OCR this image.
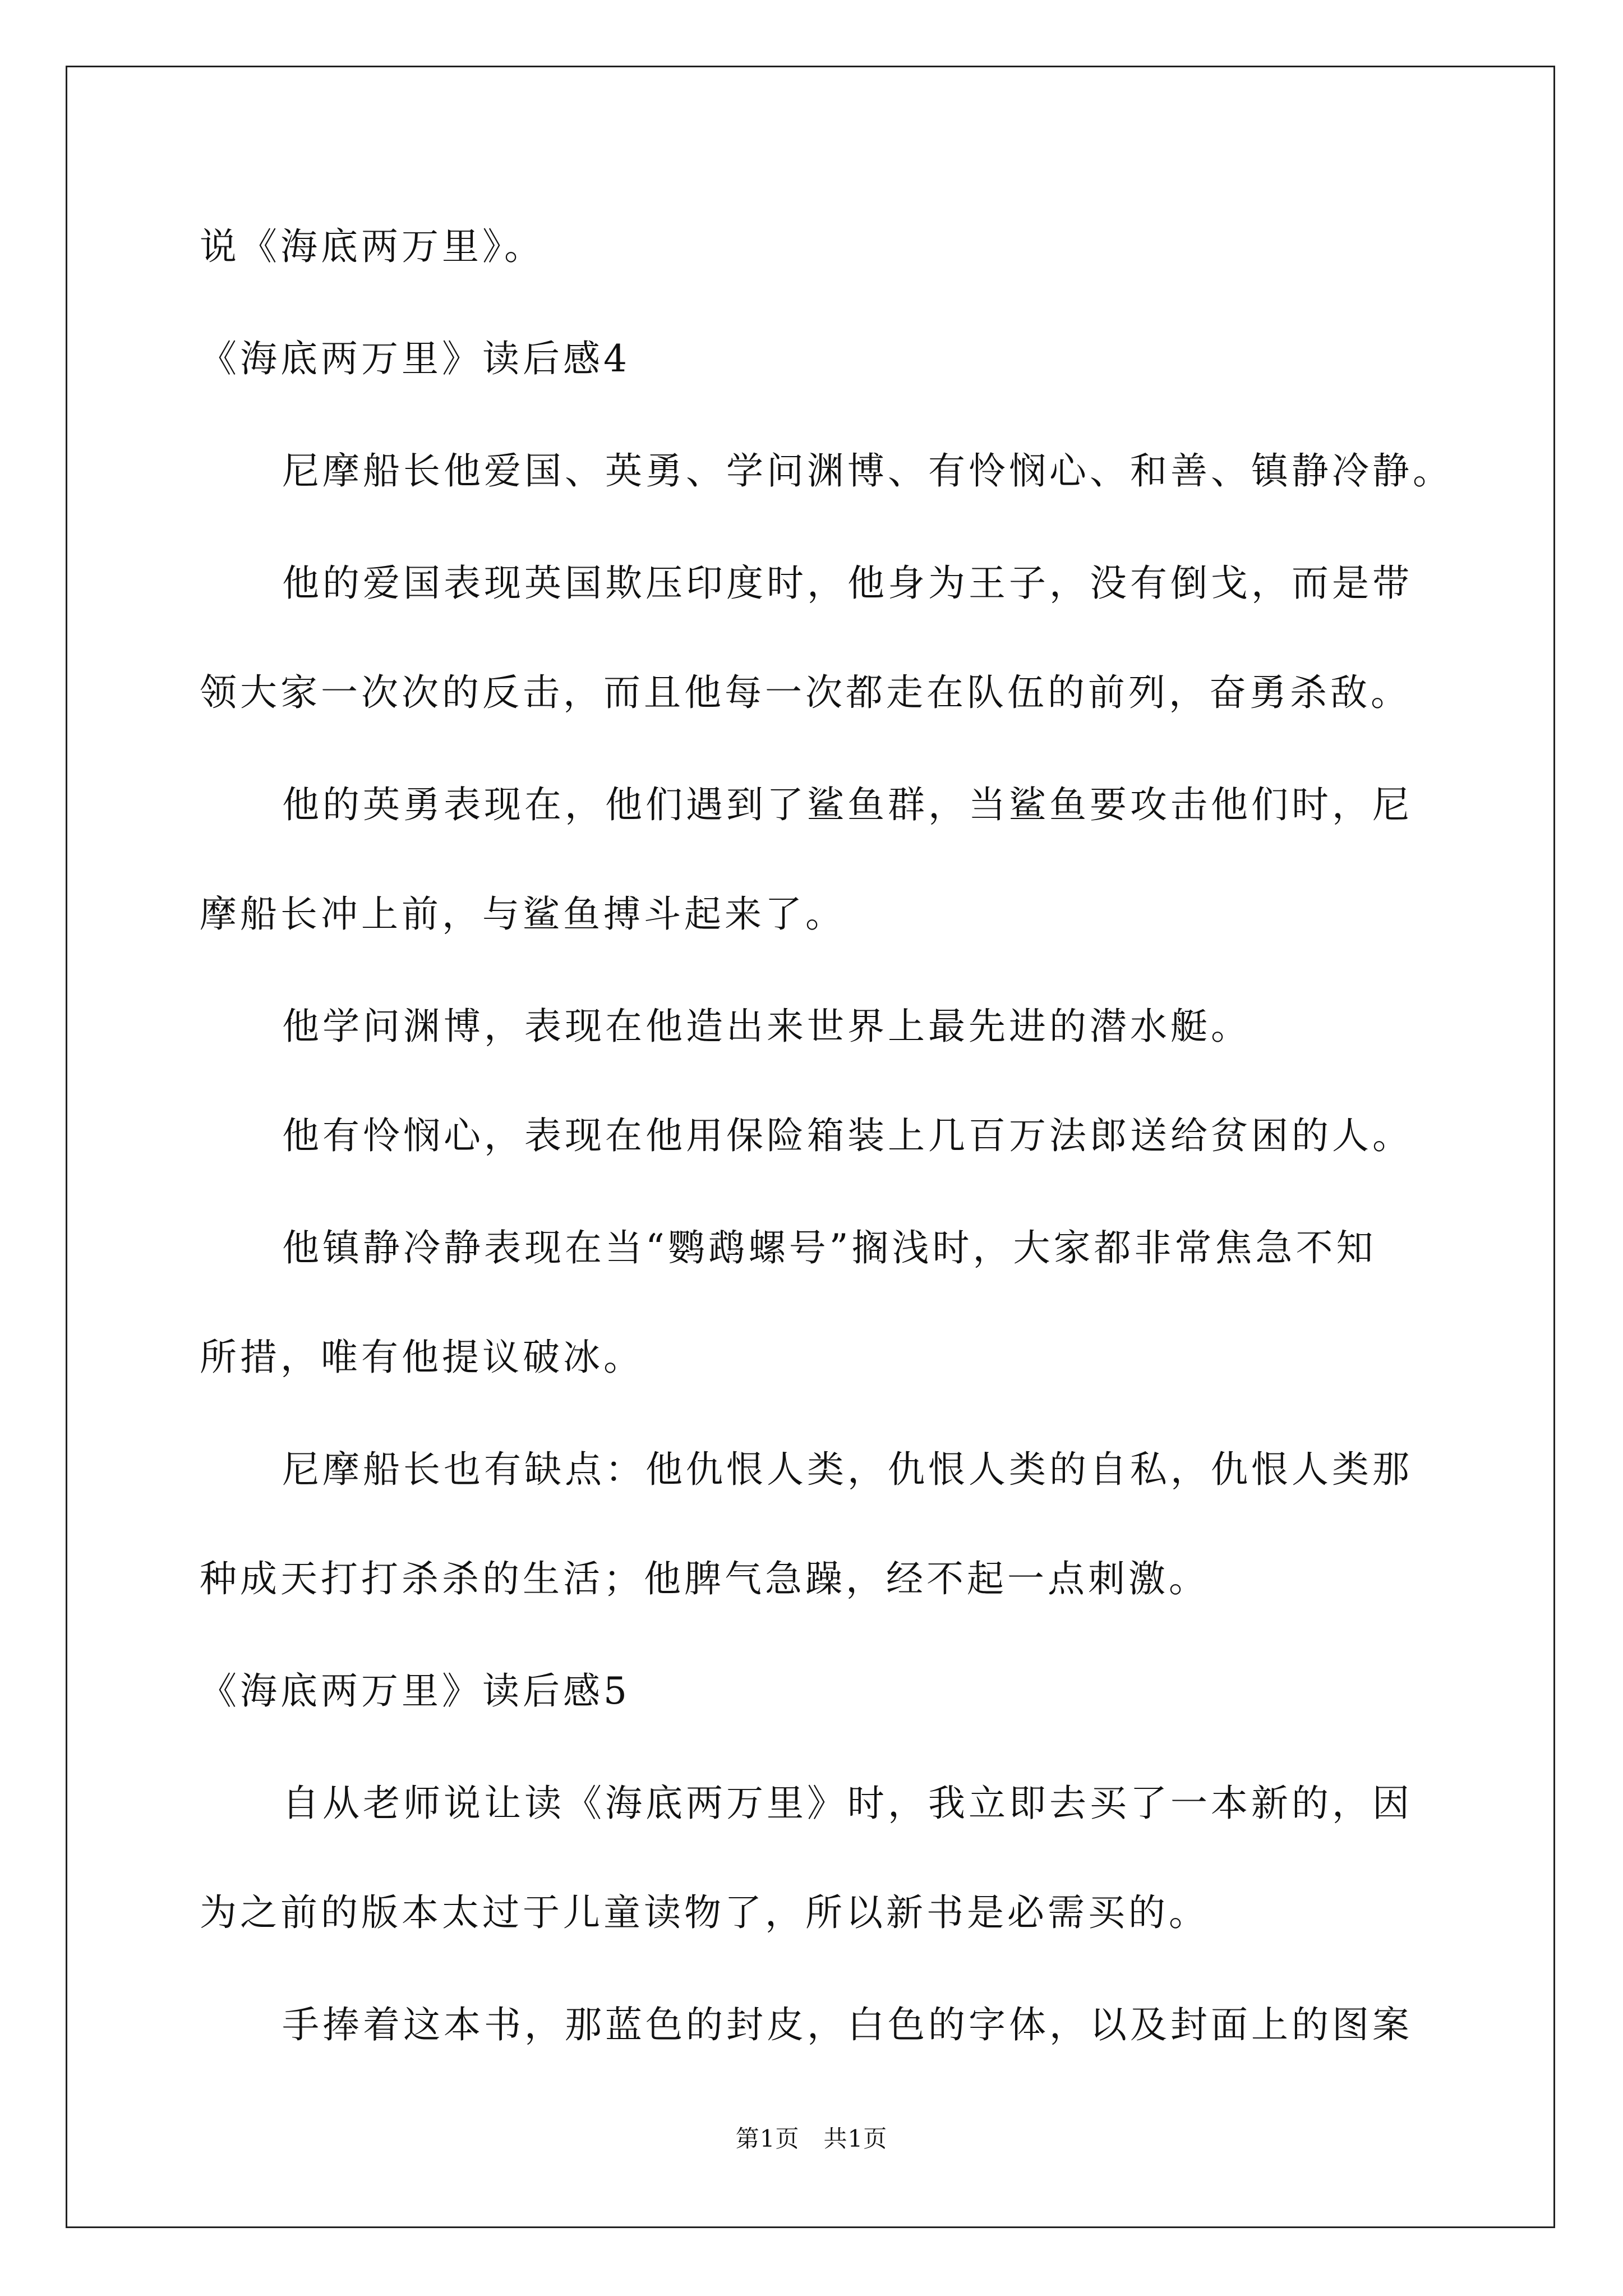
说《海底两万里》。
《海底两万里》读后感4
尼摩船长他爱国、英勇、学问渊博、有怜悯心、和善、镇静冷静。
他的爱国表现英国欺压印度时，他身为王子，没有倒戈，而是带
领大家一次次的反击，而且他每一次都走在队伍的前列，奋勇杀敌。
他的英勇表现在，他们遇到了鲨鱼群，当鲨鱼要攻击他们时，尼
摩船长冲上前，与鲨鱼搏斗起来了。
他学问渊博，表现在他造出来世界上最先进的潜水艇。
他有怜悯心，表现在他用保险箱装上几百万法郎送给贫困的人。
他镇静冷静表现在当“鹦鹉螺号”搁浅时，大家都非常焦急不知
所措，唯有他提议破冰。
尼摩船长也有缺点：他仇恨人类，仇恨人类的自私，仇恨人类那
种成天打打杀杀的生活；他脾气急躁，经不起一点刺激。
《海底两万里》读后感5
自从老师说让读《海底两万里》时，我立即去买了一本新的，因
为之前的版本太过于儿童读物了，所以新书是必需买的。
手捧着这本书，那蓝色的封皮，白色的字体，以及封面上的图案
第1页   共1页
